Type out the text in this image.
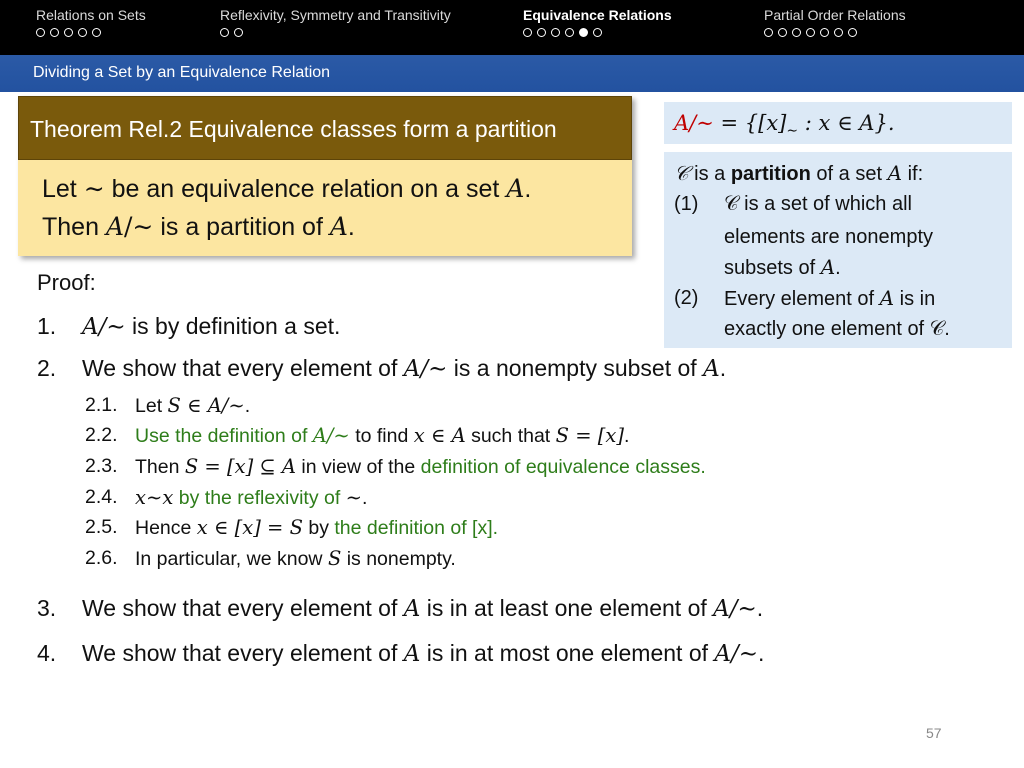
Relations on Sets	Reflexivity, Symmetry and Transitivity	Equivalence Relations	Partial Order Relations
Dividing a Set by an Equivalence Relation
Theorem Rel.2 Equivalence classes form a partition
Let ∼ be an equivalence relation on a set A.
Then A/∼ is a partition of A.
A/∼ = {$[x]_\sim$ : x ∈ A}.
𝒞 is a partition of a set A if:
(1)	𝒞 is a set of which all
elements are nonempty
subsets of A.
(2)	Every element of A is in
exactly one element of 𝒞.
Proof:
1. A/∼ is by definition a set.
2. We show that every element of A/∼ is a nonempty subset of A.
2.1. Let S ∈ A/∼.
2.2. Use the definition of A/∼ to find x ∈ A such that S = [x].
2.3. Then S = [x] ⊆ A in view of the definition of equivalence classes.
2.4. x∼x by the reflexivity of ∼.
2.5. Hence x ∈ [x] = S by the definition of [x].
2.6. In particular, we know S is nonempty.
3. We show that every element of A is in at least one element of A/∼.
4. We show that every element of A is in at most one element of A/∼.
57
